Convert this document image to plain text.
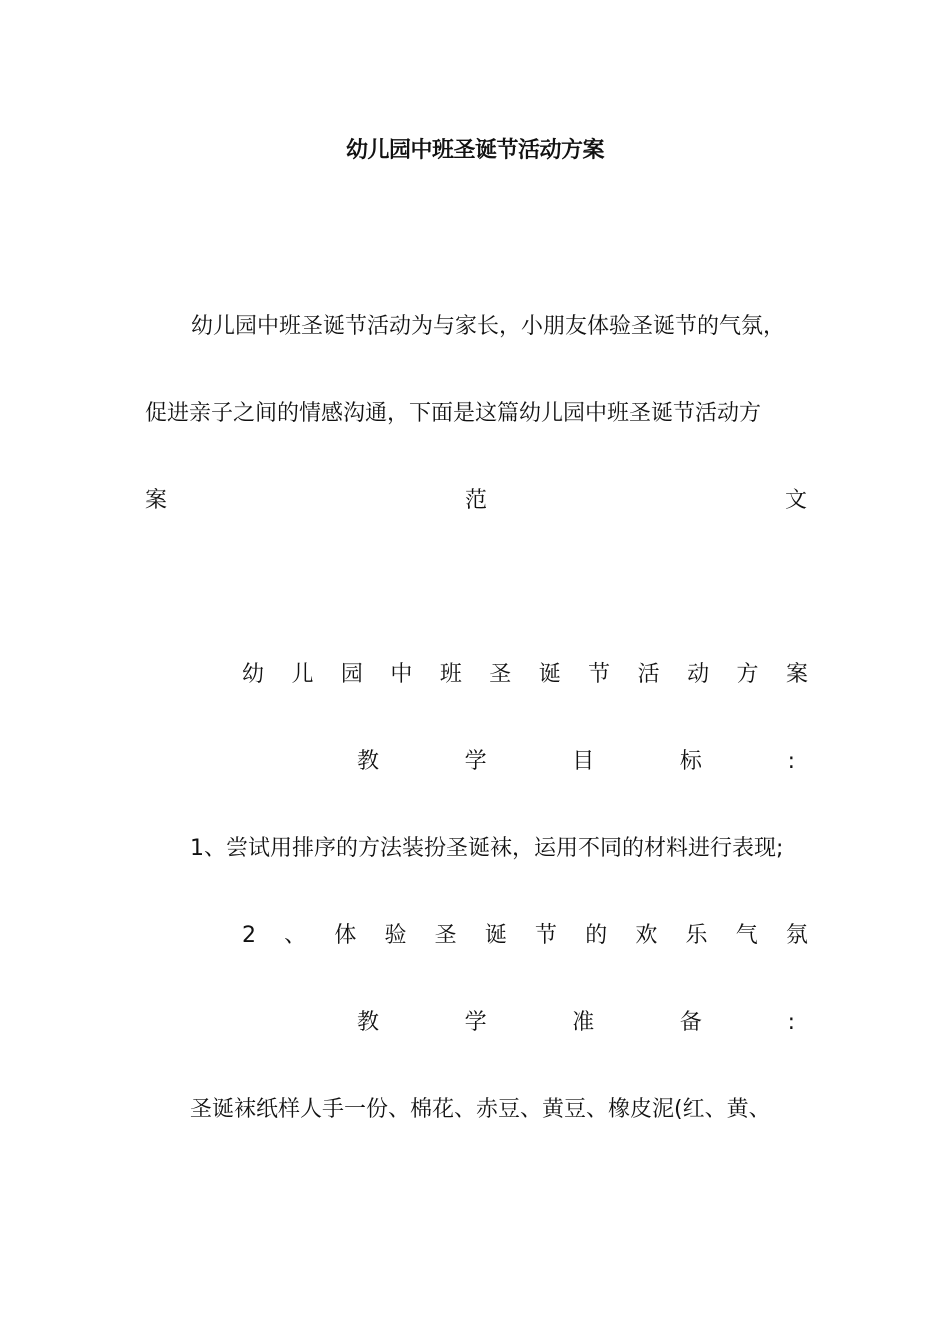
幼儿园中班圣诞节活动方案
幼儿园中班圣诞节活动为与家长，小朋友体验圣诞节的气氛，
促进亲子之间的情感沟通，下面是这篇幼儿园中班圣诞节活动方
案	范	文
幼 儿 园 中 班 圣 诞 节 活 动 方 案
教	学	目	标	:
1、尝试用排序的方法装扮圣诞袜，运用不同的材料进行表现;
2 、 体 验 圣 诞 节 的 欢 乐 气 氛
教	学	准	备	:
圣诞袜纸样人手一份、棉花、赤豆、黄豆、橡皮泥(红、黄、
